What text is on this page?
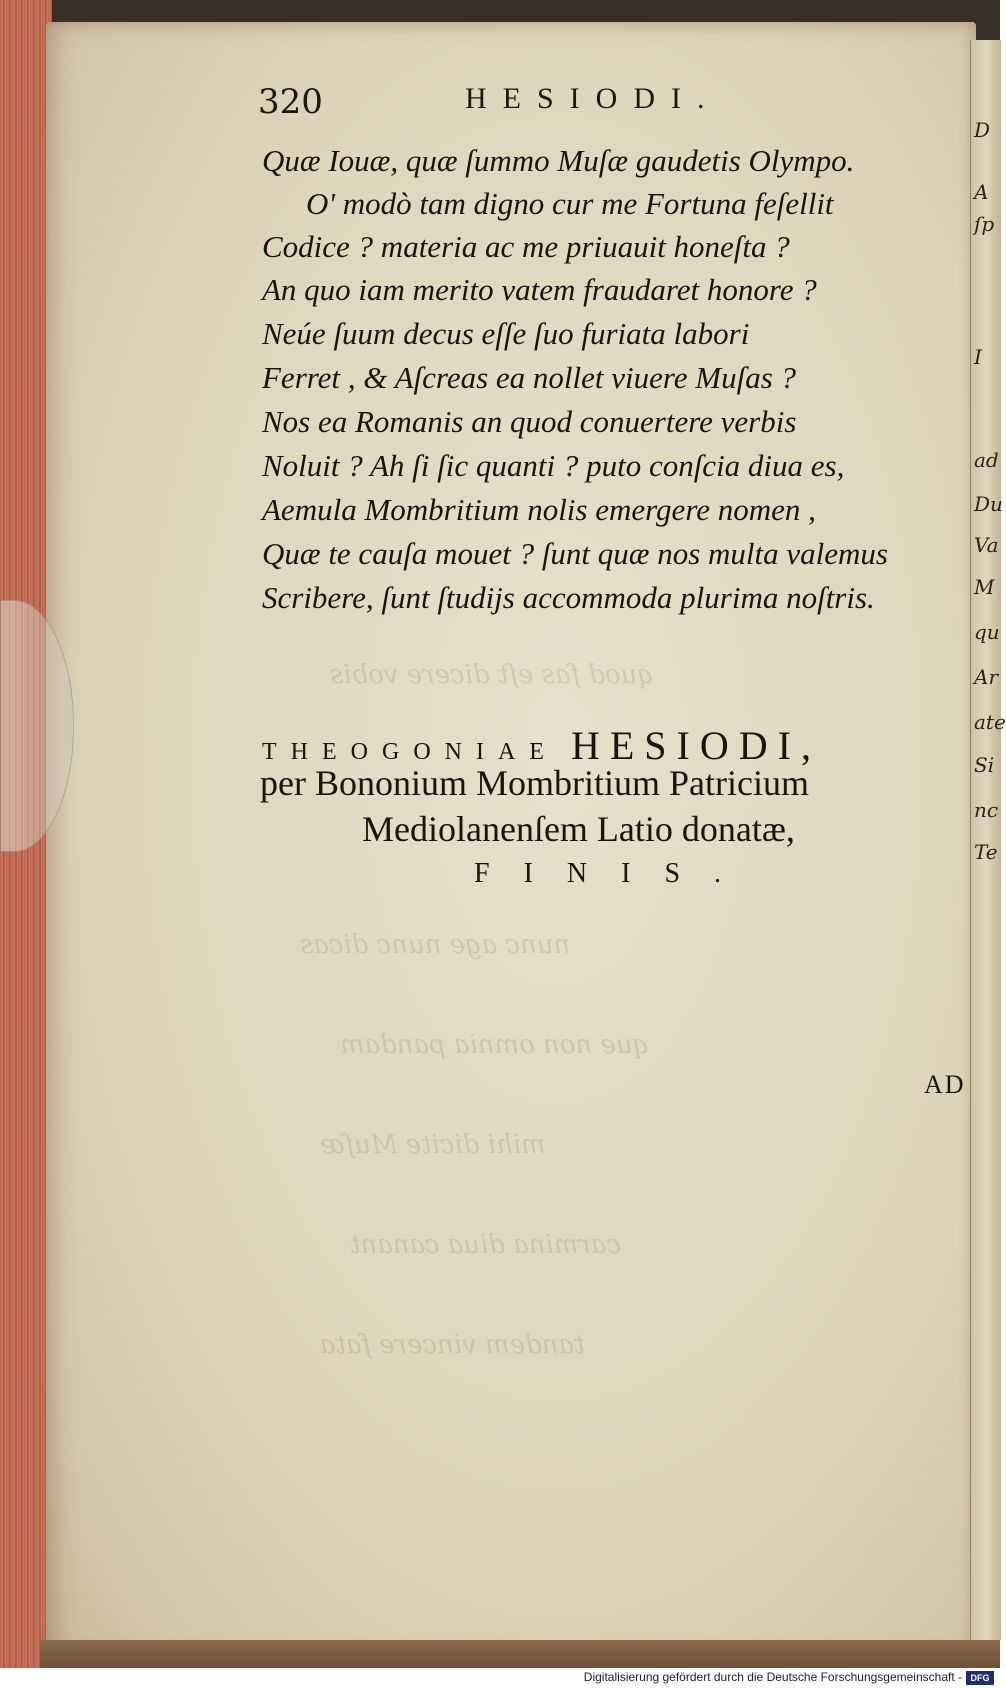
quod fas eſt dicere vobis
nunc age nunc dicas
que non omnia pandam
mihi dicite Muſæ
carmina diua canant
tandem vincere fata
D
A
ſp
I
ad
Du
Va
M
qu
Ar
ate
Si
nc
Te
320	HESIODI.
Quæ Iouæ, quæ ſummo Muſæ gaudetis Olympo.
O' modò tam digno cur me Fortuna feſellit
Codice ? materia ac me priuauit honeſta ?
An quo iam merito vatem fraudaret honore ?
Neúe ſuum decus eſſe ſuo furiata labori
Ferret , & Aſcreas ea nollet viuere Muſas ?
Nos ea Romanis an quod conuertere verbis
Noluit ? Ah ſi ſic quanti ? puto conſcia diua es,
Aemula Mombritium nolis emergere nomen ,
Quæ te cauſa mouet ? ſunt quæ nos multa valemus
Scribere, ſunt ſtudijs accommoda plurima noſtris.
THEOGONIAE HESIODI,
per Bononium Mombritium Patricium
Mediolanenſem Latio donatæ,
FINIS.
AD
Digitalisierung gefördert durch die Deutsche Forschungsgemeinschaft - DFG
